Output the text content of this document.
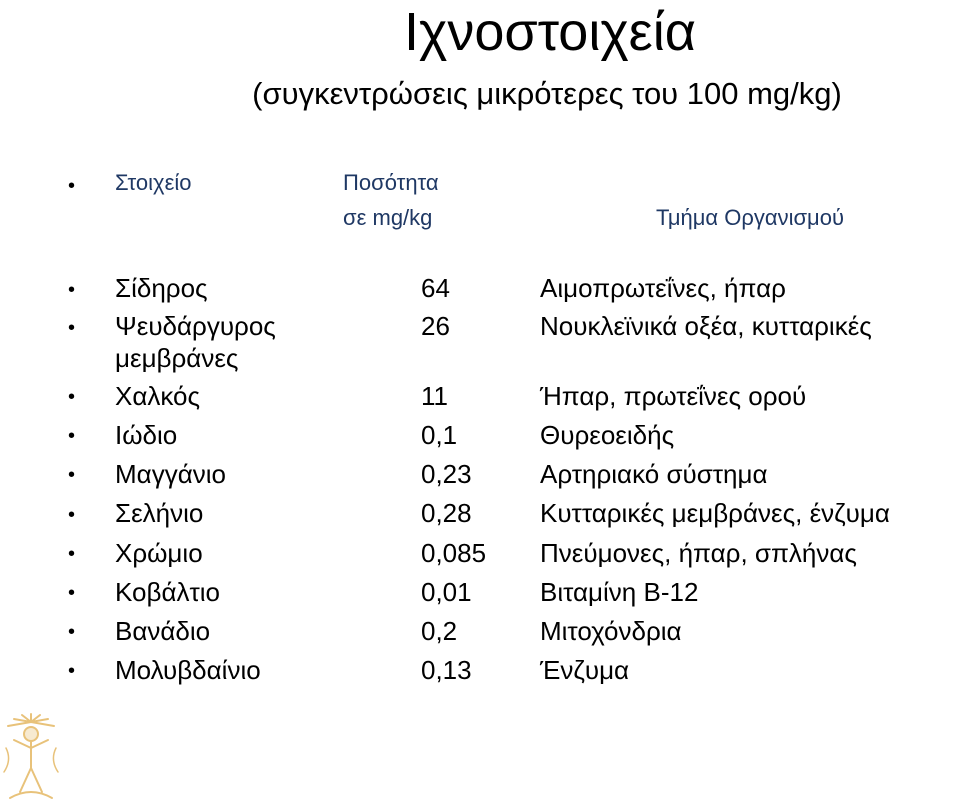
Ιχνοστοιχεία
(συγκεντρώσεις μικρότερες του 100 mg/kg)
• Στοιχείο	Ποσότητα
σε mg/kg	Τμήμα Οργανισμού
• Σίδηρος	64	Αιμοπρωτεΐνες, ήπαρ
• Ψευδάργυρος	26	Νουκλεϊνικά οξέα, κυτταρικές
μεμβράνες
• Χαλκός	11	Ήπαρ, πρωτεΐνες ορού
• Ιώδιο	0,1	Θυρεοειδής
• Μαγγάνιο	0,23	Αρτηριακό σύστημα
• Σελήνιο	0,28	Κυτταρικές μεμβράνες, ένζυμα
• Χρώμιο	0,085 Πνεύμονες, ήπαρ, σπλήνας
• Κοβάλτιο	0,01	Βιταμίνη Β-12
• Βανάδιο	0,2	Μιτοχόνδρια
• Μολυβδαίνιο	0,13	Ένζυμα
